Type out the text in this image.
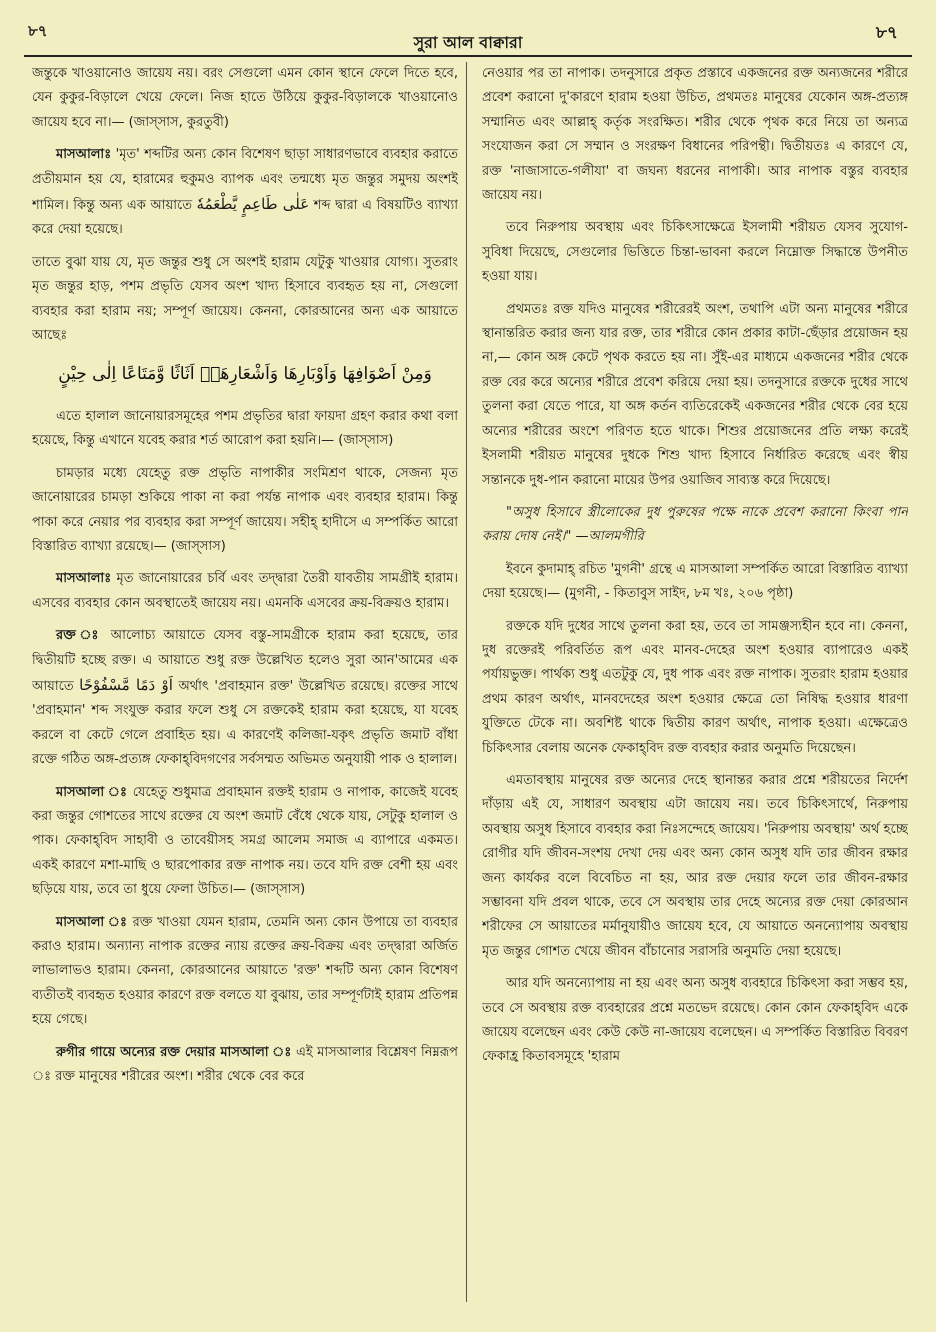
৮৭
সুরা আল বাক্বারা	৮৭

জন্তুকে খাওয়ানোও জায়েয নয়। বরং সেগুলো এমন কোন স্থানে ফেলে দিতে হবে, যেন কুকুর-বিড়ালে খেয়ে ফেলে। নিজ হাতে উঠিয়ে কুকুর-বিড়ালকে খাওয়ানোও জায়েয হবে না।— (জাস্সাস, কুরতুবী)

মাসআলাঃ 'মৃত' শব্দটির অন্য কোন বিশেষণ ছাড়া সাধারণভাবে ব্যবহার করাতে প্রতীয়মান হয় যে, হারামের হুকুমও ব্যাপক এবং তন্মধ্যে মৃত জন্তুর সমুদয় অংশই শামিল। কিন্তু অন্য এক আয়াতে عَلٰى طَاعِمٍ يَّطْعَمُهٗ শব্দ দ্বারা এ বিষয়টিও ব্যাখ্যা করে দেয়া হয়েছে।

তাতে বুঝা যায় যে, মৃত জন্তুর শুধু সে অংশই হারাম যেটুকু খাওয়ার যোগ্য। সুতরাং মৃত জন্তুর হাড়, পশম প্রভৃতি যেসব অংশ খাদ্য হিসাবে ব্যবহৃত হয় না, সেগুলো ব্যবহার করা হারাম নয়; সম্পূর্ণ জায়েয। কেননা, কোরআনের অন্য এক আয়াতে আছেঃ

وَمِنْ اَصْوَافِهَا وَاَوْبَارِهَا وَاَشْعَارِهَاۤ اَثَاثًا وَّمَتَاعًا اِلٰى حِيْنٍ

এতে হালাল জানোয়ারসমূহের পশম প্রভৃতির দ্বারা ফায়দা গ্রহণ করার কথা বলা হয়েছে, কিন্তু এখানে যবেহ করার শর্ত আরোপ করা হয়নি।— (জাস্সাস)

চামড়ার মধ্যে যেহেতু রক্ত প্রভৃতি নাপাকীর সংমিশ্রণ থাকে, সেজন্য মৃত জানোয়ারের চামড়া শুকিয়ে পাকা না করা পর্যন্ত নাপাক এবং ব্যবহার হারাম। কিন্তু পাকা করে নেয়ার পর ব্যবহার করা সম্পূর্ণ জায়েয। সহীহ্ হাদীসে এ সম্পর্কিত আরো বিস্তারিত ব্যাখ্যা রয়েছে।— (জাস্সাস)

মাসআলাঃ মৃত জানোয়ারের চর্বি এবং তদ্দ্বারা তৈরী যাবতীয় সামগ্রীই হারাম। এসবের ব্যবহার কোন অবস্থাতেই জায়েয নয়। এমনকি এসবের ক্রয়-বিক্রয়ও হারাম।

রক্ত ঃ আলোচ্য আয়াতে যেসব বস্তু-সামগ্রীকে হারাম করা হয়েছে, তার দ্বিতীয়টি হচ্ছে রক্ত। এ আয়াতে শুধু রক্ত উল্লেখিত হলেও সুরা আন'আমের এক আয়াতে اَوْ دَمًا مَّسْفُوْحًا অর্থাৎ 'প্রবাহমান রক্ত' উল্লেখিত রয়েছে। রক্তের সাথে 'প্রবাহমান' শব্দ সংযুক্ত করার ফলে শুধু সে রক্তকেই হারাম করা হয়েছে, যা যবেহ করলে বা কেটে গেলে প্রবাহিত হয়। এ কারণেই কলিজা-যকৃৎ প্রভৃতি জমাট বাঁধা রক্তে গঠিত অঙ্গ-প্রত্যঙ্গ ফেকাহ্‌বিদগণের সর্বসম্মত অভিমত অনুযায়ী পাক ও হালাল।

মাসআলা ঃ যেহেতু শুধুমাত্র প্রবাহমান রক্তই হারাম ও নাপাক, কাজেই যবেহ করা জন্তুর গোশতের সাথে রক্তের যে অংশ জমাট বেঁধে থেকে যায়, সেটুকু হালাল ও পাক। ফেকাহ্‌বিদ সাহাবী ও তাবেয়ীসহ সমগ্র আলেম সমাজ এ ব্যাপারে একমত। একই কারণে মশা-মাছি ও ছারপোকার রক্ত নাপাক নয়। তবে যদি রক্ত বেশী হয় এবং ছড়িয়ে যায়, তবে তা ধুয়ে ফেলা উচিত।— (জাস্সাস)

মাসআলা ঃ রক্ত খাওয়া যেমন হারাম, তেমনি অন্য কোন উপায়ে তা ব্যবহার করাও হারাম। অন্যান্য নাপাক রক্তের ন্যায় রক্তের ক্রয়-বিক্রয় এবং তদ্দ্বারা অর্জিত লাভালাভও হারাম। কেননা, কোরআনের আয়াতে 'রক্ত' শব্দটি অন্য কোন বিশেষণ ব্যতীতই ব্যবহৃত হওয়ার কারণে রক্ত বলতে যা বুঝায়, তার সম্পূর্ণটাই হারাম প্রতিপন্ন হয়ে গেছে।

রুগীর গায়ে অন্যের রক্ত দেয়ার মাসআলা ঃ এই মাসআলার বিশ্লেষণ নিম্নরূপ ঃ রক্ত মানুষের শরীরের অংশ। শরীর থেকে বের করে

নেওয়ার পর তা নাপাক। তদনুসারে প্রকৃত প্রস্তাবে একজনের রক্ত অন্যজনের শরীরে প্রবেশ করানো দু'কারণে হারাম হওয়া উচিত, প্রথমতঃ মানুষের যেকোন অঙ্গ-প্রত্যঙ্গ সম্মানিত এবং আল্লাহ্ কর্তৃক সংরক্ষিত। শরীর থেকে পৃথক করে নিয়ে তা অন্যত্র সংযোজন করা সে সম্মান ও সংরক্ষণ বিধানের পরিপন্থী। দ্বিতীয়তঃ এ কারণে যে, রক্ত 'নাজাসাতে-গলীযা' বা জঘন্য ধরনের নাপাকী। আর নাপাক বস্তুর ব্যবহার জায়েয নয়।

তবে নিরুপায় অবস্থায় এবং চিকিৎসাক্ষেত্রে ইসলামী শরীয়ত যেসব সুযোগ-সুবিধা দিয়েছে, সেগুলোর ভিত্তিতে চিন্তা-ভাবনা করলে নিম্নোক্ত সিদ্ধান্তে উপনীত হওয়া যায়।

প্রথমতঃ রক্ত যদিও মানুষের শরীরেরই অংশ, তথাপি এটা অন্য মানুষের শরীরে স্থানান্তরিত করার জন্য যার রক্ত, তার শরীরে কোন প্রকার কাটা-ছেঁড়ার প্রয়োজন হয় না,— কোন অঙ্গ কেটে পৃথক করতে হয় না। সুঁই-এর মাধ্যমে একজনের শরীর থেকে রক্ত বের করে অন্যের শরীরে প্রবেশ করিয়ে দেয়া হয়। তদনুসারে রক্তকে দুধের সাথে তুলনা করা যেতে পারে, যা অঙ্গ কর্তন ব্যতিরেকেই একজনের শরীর থেকে বের হয়ে অন্যের শরীরের অংশে পরিণত হতে থাকে। শিশুর প্রয়োজনের প্রতি লক্ষ্য করেই ইসলামী শরীয়ত মানুষের দুধকে শিশু খাদ্য হিসাবে নির্ধারিত করেছে এবং স্বীয় সন্তানকে দুধ-পান করানো মায়ের উপর ওয়াজিব সাব্যস্ত করে দিয়েছে।

"অসুধ হিসাবে স্ত্রীলোকের দুধ পুরুষের পক্ষে নাকে প্রবেশ করানো কিংবা পান করায় দোষ নেই।" —আলমগীরি

ইবনে কুদামাহ্ রচিত 'মুগনী' গ্রন্থে এ মাসআলা সম্পর্কিত আরো বিস্তারিত ব্যাখ্যা দেয়া হয়েছে।— (মুগনী, - কিতাবুস সাইদ, ৮ম খঃ, ২০৬ পৃষ্ঠা)

রক্তকে যদি দুধের সাথে তুলনা করা হয়, তবে তা সামঞ্জস্যহীন হবে না। কেননা, দুধ রক্তেরই পরিবর্তিত রূপ এবং মানব-দেহের অংশ হওয়ার ব্যাপারেও একই পর্যায়ভুক্ত। পার্থক্য শুধু এতটুকু যে, দুধ পাক এবং রক্ত নাপাক। সুতরাং হারাম হওয়ার প্রথম কারণ অর্থাৎ, মানবদেহের অংশ হওয়ার ক্ষেত্রে তো নিষিদ্ধ হওয়ার ধারণা যুক্তিতে টেকে না। অবশিষ্ট থাকে দ্বিতীয় কারণ অর্থাৎ, নাপাক হওয়া। এক্ষেত্রেও চিকিৎসার বেলায় অনেক ফেকাহ্‌বিদ রক্ত ব্যবহার করার অনুমতি দিয়েছেন।

এমতাবস্থায় মানুষের রক্ত অন্যের দেহে স্থানান্তর করার প্রশ্নে শরীয়তের নির্দেশ দাঁড়ায় এই যে, সাধারণ অবস্থায় এটা জায়েয নয়। তবে চিকিৎসার্থে, নিরুপায় অবস্থায় অসুধ হিসাবে ব্যবহার করা নিঃসন্দেহে জায়েয। 'নিরুপায় অবস্থায়' অর্থ হচ্ছে রোগীর যদি জীবন-সংশয় দেখা দেয় এবং অন্য কোন অসুধ যদি তার জীবন রক্ষার জন্য কার্যকর বলে বিবেচিত না হয়, আর রক্ত দেয়ার ফলে তার জীবন-রক্ষার সম্ভাবনা যদি প্রবল থাকে, তবে সে অবস্থায় তার দেহে অন্যের রক্ত দেয়া কোরআন শরীফের সে আয়াতের মর্মানুযায়ীও জায়েয হবে, যে আয়াতে অনন্যোপায় অবস্থায় মৃত জন্তুর গোশত খেয়ে জীবন বাঁচানোর সরাসরি অনুমতি দেয়া হয়েছে।

আর যদি অনন্যোপায় না হয় এবং অন্য অসুধ ব্যবহারে চিকিৎসা করা সম্ভব হয়, তবে সে অবস্থায় রক্ত ব্যবহারের প্রশ্নে মতভেদ রয়েছে। কোন কোন ফেকাহ্‌বিদ একে জায়েয বলেছেন এবং কেউ কেউ না-জায়েয বলেছেন। এ সম্পর্কিত বিস্তারিত বিবরণ ফেকাহ্র কিতাবসমূহে 'হারাম
